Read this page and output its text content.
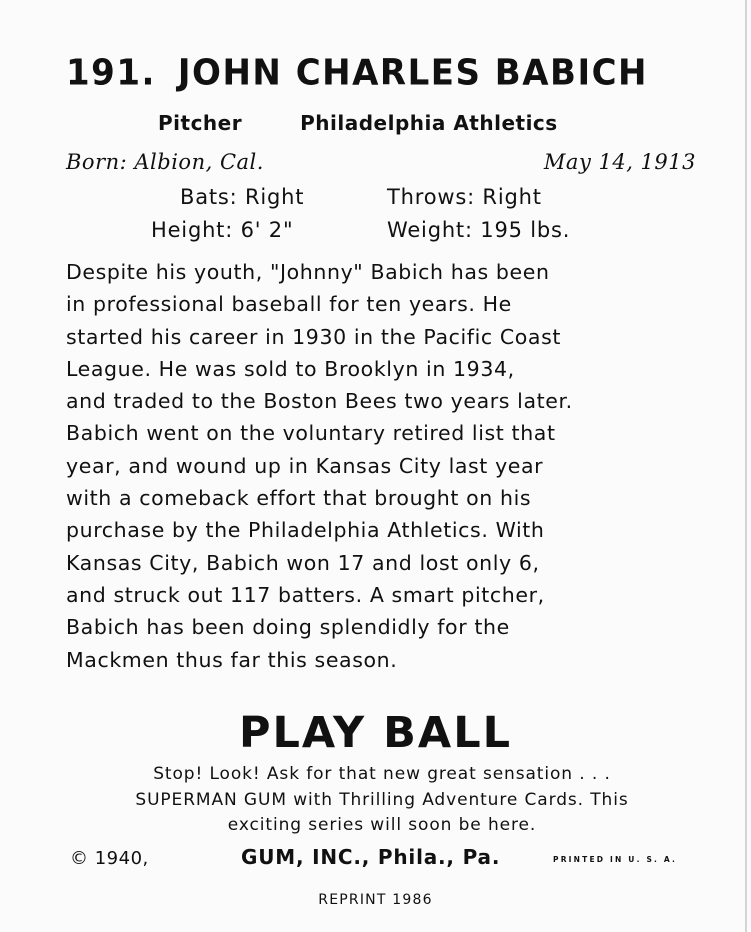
191. JOHN CHARLES BABICH
Pitcher	Philadelphia Athletics
Born: Albion, Cal.	May 14, 1913
Bats: Right	Throws: Right
Height: 6' 2"	Weight: 195 lbs.

Despite his youth, "Johnny" Babich has been
in professional baseball for ten years. He
started his career in 1930 in the Pacific Coast
League. He was sold to Brooklyn in 1934,
and traded to the Boston Bees two years later.
Babich went on the voluntary retired list that
year, and wound up in Kansas City last year
with a comeback effort that brought on his
purchase by the Philadelphia Athletics. With
Kansas City, Babich won 17 and lost only 6,
and struck out 117 batters. A smart pitcher,
Babich has been doing splendidly for the
Mackmen thus far this season.

PLAY BALL

Stop! Look! Ask for that new great sensation . . .
SUPERMAN GUM with Thrilling Adventure Cards. This
exciting series will soon be here.

© 1940,	GUM, INC., Phila., Pa.	PRINTED IN U. S. A.
REPRINT 1986
